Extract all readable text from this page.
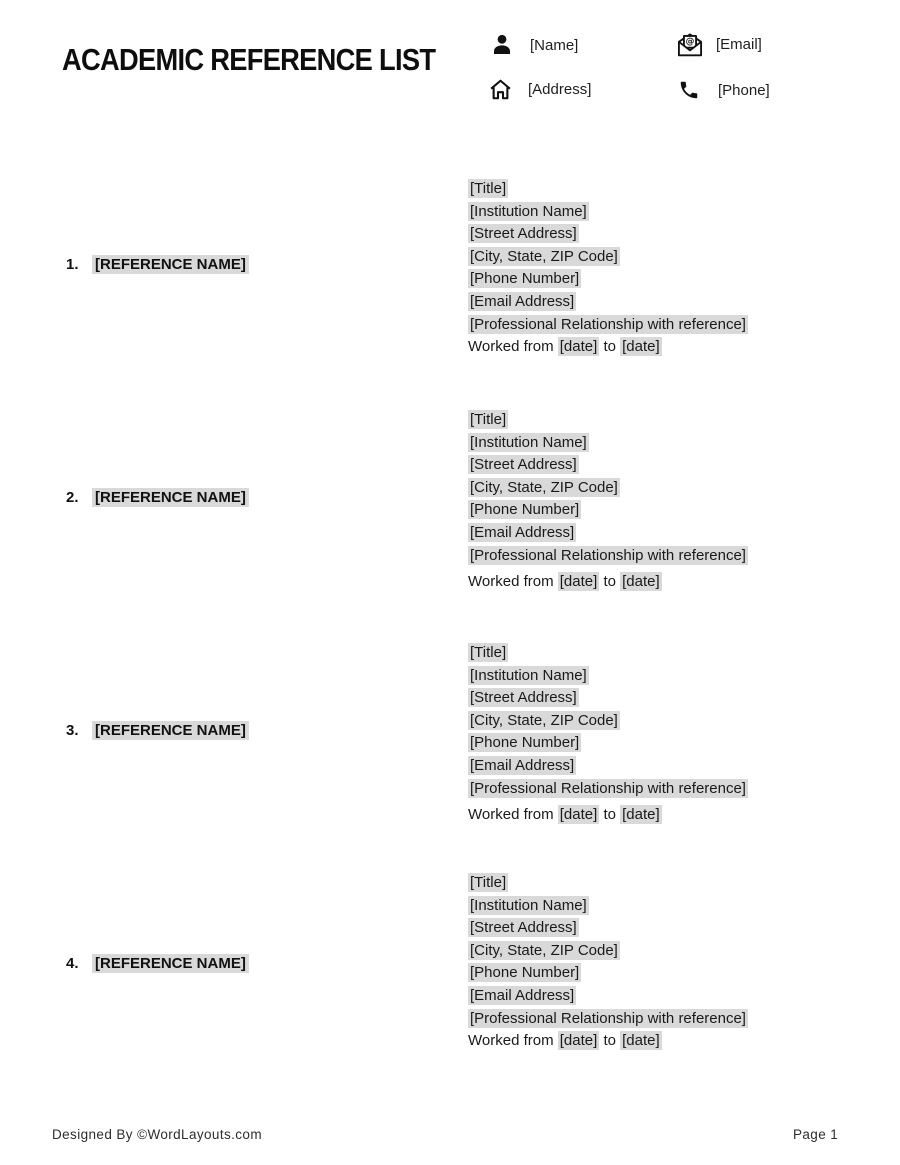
ACADEMIC REFERENCE LIST	[Name]	@ [Email]
[Address]	[Phone]
1.	[REFERENCE NAME]
[Title]
[Institution Name]
[Street Address]
[City, State, ZIP Code]
[Phone Number]
[Email Address]
[Professional Relationship with reference]
Worked from [date] to [date]
2.	[REFERENCE NAME]
[Title]
[Institution Name]
[Street Address]
[City, State, ZIP Code]
[Phone Number]
[Email Address]
[Professional Relationship with reference]
Worked from [date] to [date]
3.	[REFERENCE NAME]
[Title]
[Institution Name]
[Street Address]
[City, State, ZIP Code]
[Phone Number]
[Email Address]
[Professional Relationship with reference]
Worked from [date] to [date]
4.	[REFERENCE NAME]
[Title]
[Institution Name]
[Street Address]
[City, State, ZIP Code]
[Phone Number]
[Email Address]
[Professional Relationship with reference]
Worked from [date] to [date]
Designed By ©WordLayouts.com	Page 1
